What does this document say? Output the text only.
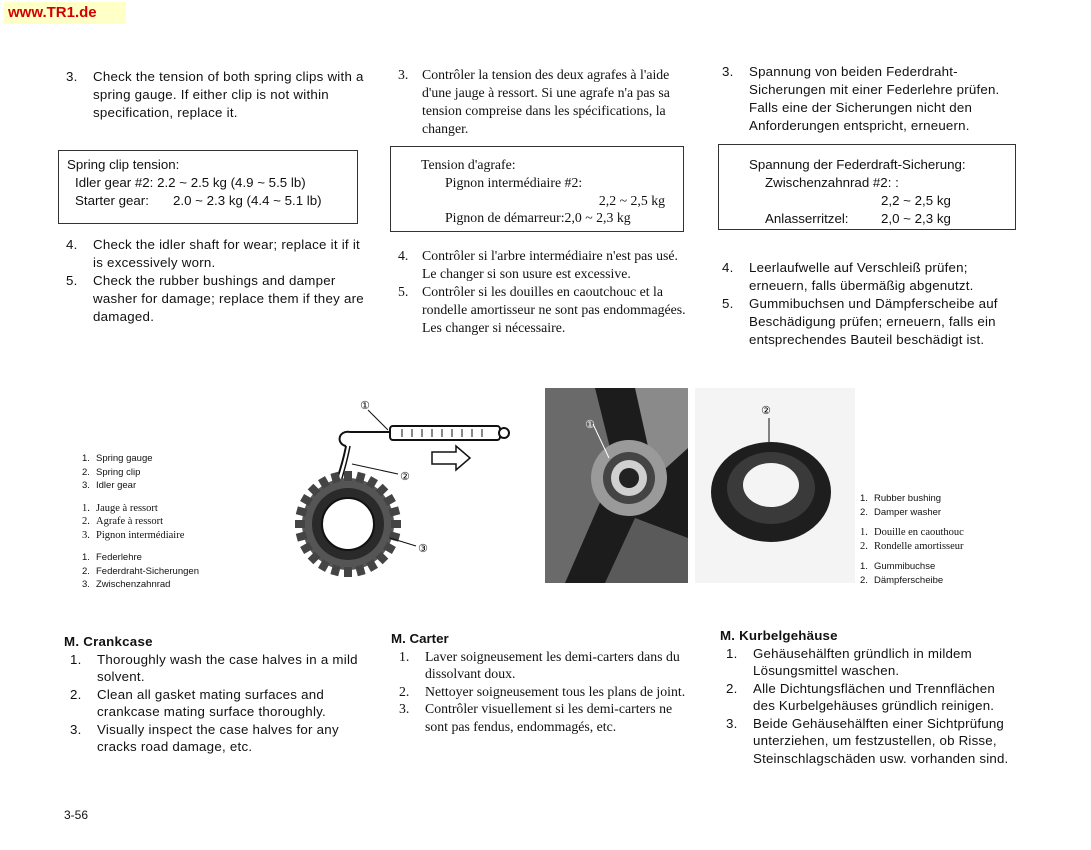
www.TR1.de
3. Check the tension of both spring clips with a spring gauge. If either clip is not within specification, replace it.
Spring clip tension:
Idler gear #2:
2.2 ~ 2.5 kg (4.9 ~ 5.5 lb)
Starter gear:	2.0 ~ 2.3 kg (4.4 ~ 5.1 lb)
4. Check the idler shaft for wear; replace it if it is excessively worn.
5. Check the rubber bushings and damper washer for damage; replace them if they are damaged.
3. Contrôler la tension des deux agrafes à l'aide d'une jauge à ressort. Si une agrafe n'a pas sa tension compreise dans les spécifications, la changer.
Tension d'agrafe:
Pignon intermédiaire #2:
2,2 ~ 2,5 kg
Pignon de démarreur: 2,0 ~ 2,3 kg
4. Contrôler si l'arbre intermédiaire n'est pas usé. Le changer si son usure est excessive.
5. Contrôler si les douilles en caoutchouc et la rondelle amortisseur ne sont pas endommagées. Les changer si nécessaire.
3. Spannung von beiden Federdraht-Sicherungen mit einer Federlehre prüfen. Falls eine der Sicherungen nicht den Anforderungen entspricht, erneuern.
Spannung der Federdraft-Sicherung:
Zwischenzahnrad #2: :
2,2 ~ 2,5 kg
Anlasserritzel:	2,0 ~ 2,3 kg
4. Leerlaufwelle auf Verschleiß prüfen; erneuern, falls übermäßig abgenutzt.
5. Gummibuchsen und Dämpferscheibe auf Beschädigung prüfen; erneuern, falls ein entsprechendes Bauteil beschädigt ist.
①
②
③
1. Spring gauge
2. Spring clip
3. Idler gear
1. Jauge à ressort
2. Agrafe à ressort
3. Pignon intermédiaire
1. Federlehre
2. Federdraht-Sicherungen
3. Zwischenzahnrad
①
②
1. Rubber bushing
2. Damper washer
1. Douille en caouthouc
2. Rondelle amortisseur
1. Gummibuchse
2. Dämpferscheibe
M. Crankcase
1. Thoroughly wash the case halves in a mild solvent.
2. Clean all gasket mating surfaces and crankcase mating surface thoroughly.
3. Visually inspect the case halves for any cracks road damage, etc.
M. Carter
1. Laver soigneusement les demi-carters dans du dissolvant doux.
2. Nettoyer soigneusement tous les plans de joint.
3. Contrôler visuellement si les demi-carters ne sont pas fendus, endommagés, etc.
M. Kurbelgehäuse
1. Gehäusehälften gründlich in mildem Lösungsmittel waschen.
2. Alle Dichtungsflächen und Trennflächen des Kurbelgehäuses gründlich reinigen.
3. Beide Gehäusehälften einer Sichtprüfung unterziehen, um festzustellen, ob Risse, Steinschlagschäden usw. vorhanden sind.
3-56
